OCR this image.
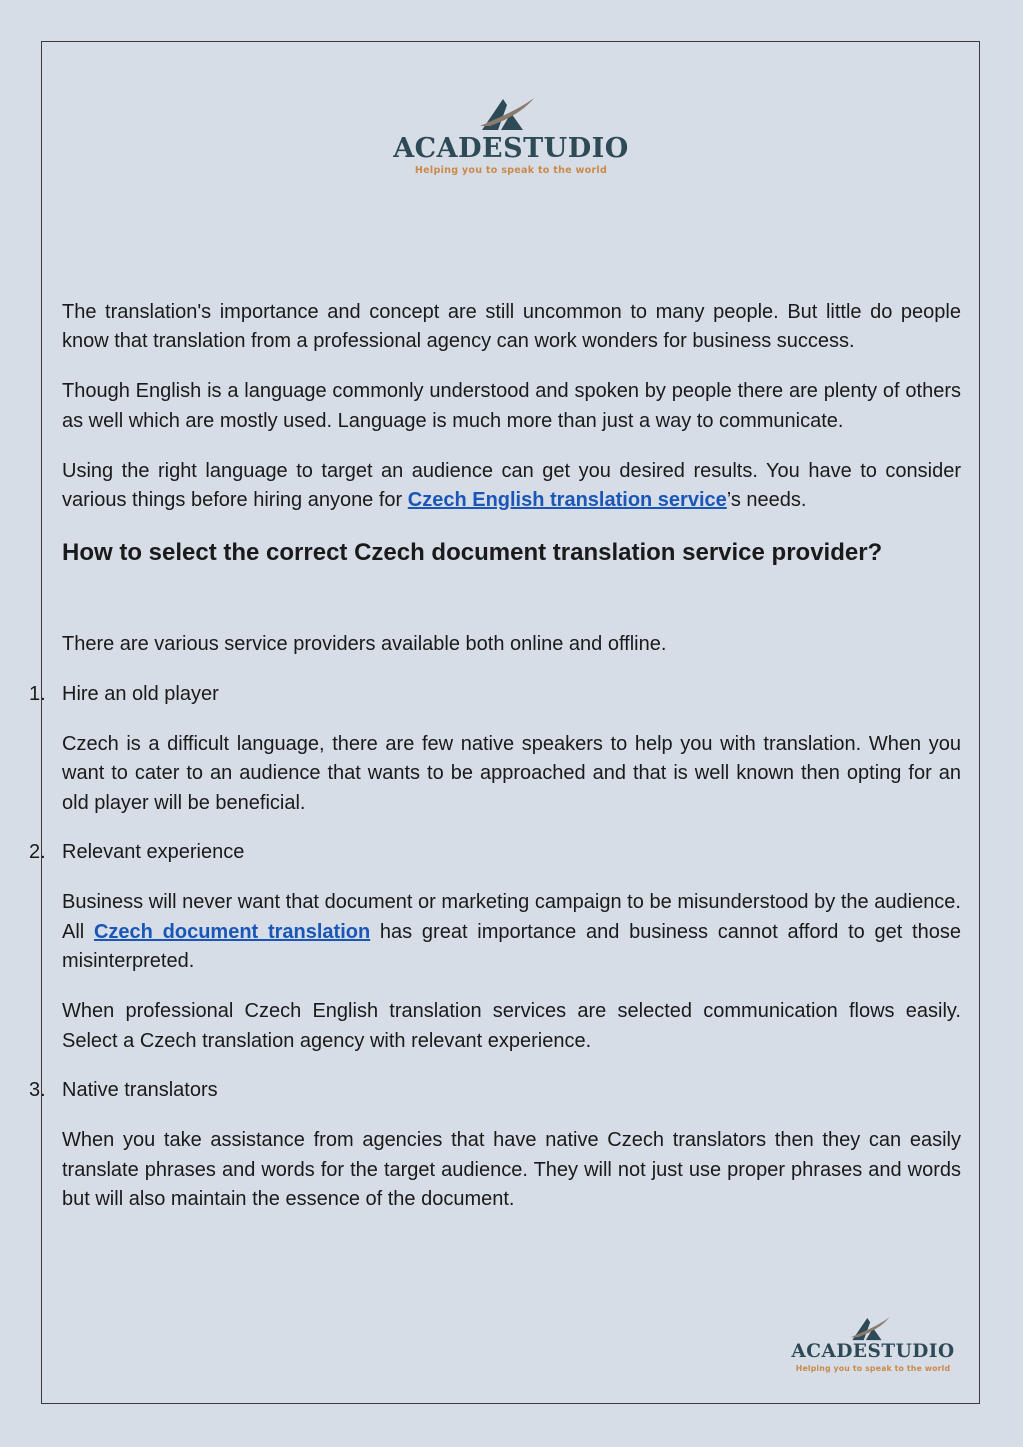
ACADESTUDIO
Helping you to speak to the world

The translation's importance and concept are still uncommon to many people. But little do people know that translation from a professional agency can work wonders for business success.

Though English is a language commonly understood and spoken by people there are plenty of others as well which are mostly used. Language is much more than just a way to communicate.

Using the right language to target an audience can get you desired results. You have to consider various things before hiring anyone for Czech English translation service’s needs.

How to select the correct Czech document translation service provider?

There are various service providers available both online and offline.

1. Hire an old player

Czech is a difficult language, there are few native speakers to help you with translation. When you want to cater to an audience that wants to be approached and that is well known then opting for an old player will be beneficial.

2. Relevant experience

Business will never want that document or marketing campaign to be misunderstood by the audience. All Czech document translation has great importance and business cannot afford to get those misinterpreted.

When professional Czech English translation services are selected communication flows easily. Select a Czech translation agency with relevant experience.

3. Native translators

When you take assistance from agencies that have native Czech translators then they can easily translate phrases and words for the target audience. They will not just use proper phrases and words but will also maintain the essence of the document.

ACADESTUDIO
Helping you to speak to the world
